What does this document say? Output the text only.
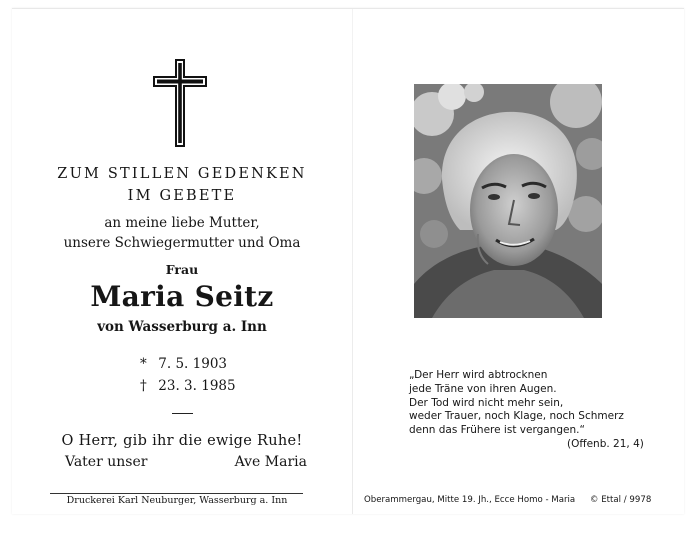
ZUM STILLEN GEDENKEN
IM GEBETE
an meine liebe Mutter,
unsere Schwiegermutter und Oma
Frau
Maria Seitz
von Wasserburg a. Inn
* 7. 5. 1903
† 23. 3. 1985
O Herr, gib ihr die ewige Ruhe!
Vater unser	Ave Maria
Druckerei Karl Neuburger, Wasserburg a. Inn
„Der Herr wird abtrocknen
jede Träne von ihren Augen.
Der Tod wird nicht mehr sein,
weder Trauer, noch Klage, noch Schmerz
denn das Frühere ist vergangen.“
(Offenb. 21, 4)
Oberammergau, Mitte 19. Jh., Ecce Homo - Maria © Ettal / 9978
